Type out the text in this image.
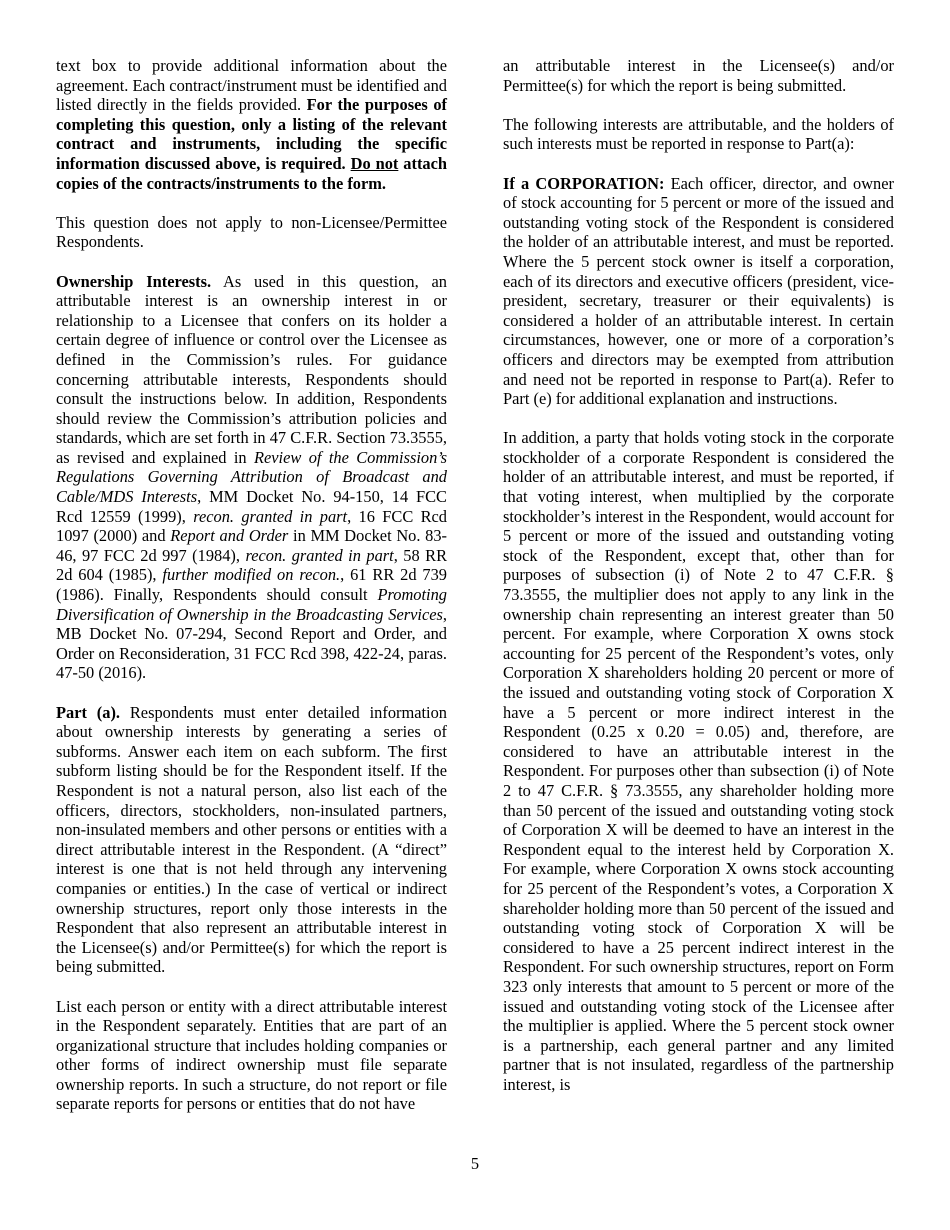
text box to provide additional information about the agreement. Each contract/instrument must be identified and listed directly in the fields provided. For the purposes of completing this question, only a listing of the relevant contract and instruments, including the specific information discussed above, is required. Do not attach copies of the contracts/instruments to the form.

This question does not apply to non-Licensee/Permittee Respondents.

Ownership Interests. As used in this question, an attributable interest is an ownership interest in or relationship to a Licensee that confers on its holder a certain degree of influence or control over the Licensee as defined in the Commission’s rules. For guidance concerning attributable interests, Respondents should consult the instructions below. In addition, Respondents should review the Commission’s attribution policies and standards, which are set forth in 47 C.F.R. Section 73.3555, as revised and explained in Review of the Commission’s Regulations Governing Attribution of Broadcast and Cable/MDS Interests, MM Docket No. 94-150, 14 FCC Rcd 12559 (1999), recon. granted in part, 16 FCC Rcd 1097 (2000) and Report and Order in MM Docket No. 83-46, 97 FCC 2d 997 (1984), recon. granted in part, 58 RR 2d 604 (1985), further modified on recon., 61 RR 2d 739 (1986). Finally, Respondents should consult Promoting Diversification of Ownership in the Broadcasting Services, MB Docket No. 07-294, Second Report and Order, and Order on Reconsideration, 31 FCC Rcd 398, 422-24, paras. 47-50 (2016).

Part (a). Respondents must enter detailed information about ownership interests by generating a series of subforms. Answer each item on each subform. The first subform listing should be for the Respondent itself. If the Respondent is not a natural person, also list each of the officers, directors, stockholders, non-insulated partners, non-insulated members and other persons or entities with a direct attributable interest in the Respondent. (A “direct” interest is one that is not held through any intervening companies or entities.) In the case of vertical or indirect ownership structures, report only those interests in the Respondent that also represent an attributable interest in the Licensee(s) and/or Permittee(s) for which the report is being submitted.

List each person or entity with a direct attributable interest in the Respondent separately. Entities that are part of an organizational structure that includes holding companies or other forms of indirect ownership must file separate ownership reports. In such a structure, do not report or file separate reports for persons or entities that do not have

an attributable interest in the Licensee(s) and/or Permittee(s) for which the report is being submitted.

The following interests are attributable, and the holders of such interests must be reported in response to Part(a):

If a CORPORATION: Each officer, director, and owner of stock accounting for 5 percent or more of the issued and outstanding voting stock of the Respondent is considered the holder of an attributable interest, and must be reported. Where the 5 percent stock owner is itself a corporation, each of its directors and executive officers (president, vice-president, secretary, treasurer or their equivalents) is considered a holder of an attributable interest. In certain circumstances, however, one or more of a corporation’s officers and directors may be exempted from attribution and need not be reported in response to Part(a). Refer to Part (e) for additional explanation and instructions.

In addition, a party that holds voting stock in the corporate stockholder of a corporate Respondent is considered the holder of an attributable interest, and must be reported, if that voting interest, when multiplied by the corporate stockholder’s interest in the Respondent, would account for 5 percent or more of the issued and outstanding voting stock of the Respondent, except that, other than for purposes of subsection (i) of Note 2 to 47 C.F.R. § 73.3555, the multiplier does not apply to any link in the ownership chain representing an interest greater than 50 percent. For example, where Corporation X owns stock accounting for 25 percent of the Respondent’s votes, only Corporation X shareholders holding 20 percent or more of the issued and outstanding voting stock of Corporation X have a 5 percent or more indirect interest in the Respondent (0.25 x 0.20 = 0.05) and, therefore, are considered to have an attributable interest in the Respondent. For purposes other than subsection (i) of Note 2 to 47 C.F.R. § 73.3555, any shareholder holding more than 50 percent of the issued and outstanding voting stock of Corporation X will be deemed to have an interest in the Respondent equal to the interest held by Corporation X. For example, where Corporation X owns stock accounting for 25 percent of the Respondent’s votes, a Corporation X shareholder holding more than 50 percent of the issued and outstanding voting stock of Corporation X will be considered to have a 25 percent indirect interest in the Respondent. For such ownership structures, report on Form 323 only interests that amount to 5 percent or more of the issued and outstanding voting stock of the Licensee after the multiplier is applied. Where the 5 percent stock owner is a partnership, each general partner and any limited partner that is not insulated, regardless of the partnership interest, is

5
